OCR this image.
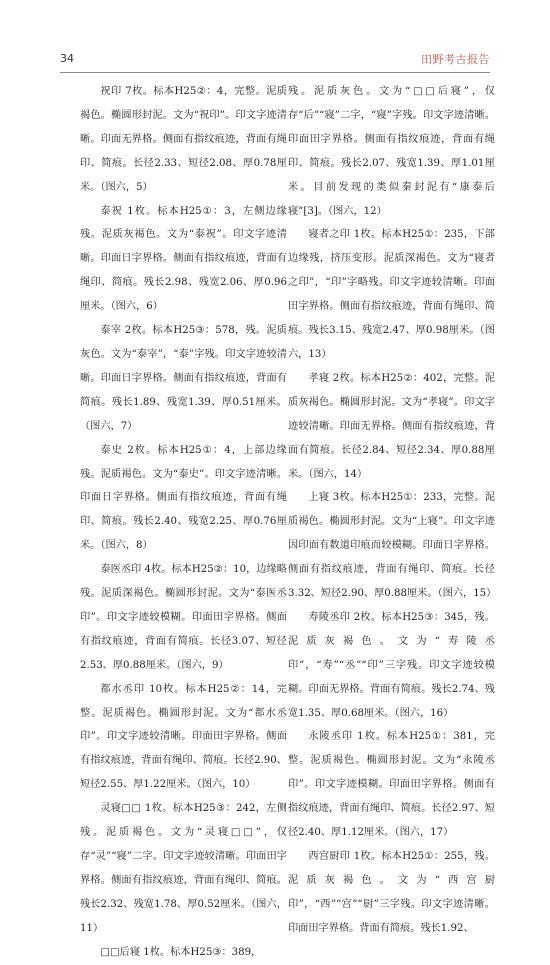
34	田野考古报告

祝印 7枚。标本H25②：4，完整。泥质褐色。椭圆形封泥。文为“祝印”。印文字迹清晰。印面无界格。侧面有指纹痕迹，背面有绳印、简痕。长径2.33、短径2.08、厚0.78厘米。（图六，5）

泰祝 1枚。标本H25①：3，左侧边缘残。泥质灰褐色。文为“泰祝”。印文字迹清晰。印面日字界格。侧面有指纹痕迹，背面有绳印、简痕。残长2.98、残宽2.06、厚0.96厘米。（图六，6）

泰宰 2枚。标本H25③：578，残。泥质灰色。文为“泰宰”，“泰”字残。印文字迹较清晰。印面日字界格。侧面有指纹痕迹，背面有简痕。残长1.89、残宽1.39、厚0.51厘米。（图六，7）

泰史 2枚。标本H25①：4，上部边缘残。泥质褐色。文为“泰史”。印文字迹清晰。印面日字界格。侧面有指纹痕迹，背面有绳印、简痕。残长2.40、残宽2.25、厚0.76厘米。（图六，8）

泰医丞印 4枚。标本H25②：10，边缘略残。泥质深褐色。椭圆形封泥。文为“泰医丞印”。印文字迹较模糊。印面田字界格。侧面有指纹痕迹，背面有简痕。长径3.07、短径2.53、厚0.88厘米。（图六，9）

都水丞印 10枚。标本H25②：14，完整。泥质褐色。椭圆形封泥。文为“都水丞印”。印文字迹较清晰。印面田字界格。侧面有指纹痕迹，背面有绳印、简痕。长径2.90、短径2.55、厚1.22厘米。（图六，10）

灵寝□□ 1枚。标本H25③：242，左侧残。泥质褐色。文为“灵寝□□”，仅存“灵”“寝”二字。印文字迹较清晰。印面田字界格。侧面有指纹痕迹，背面有绳印、简痕。残长2.32、残宽1.78、厚0.52厘米。（图六，11）

□□后寝 1枚。标本H25③：389，

残。泥质灰色。文为“□□后寝”，仅存“后”“寝”二字，“寝”字残。印文字迹清晰。印面田字界格。侧面有指纹痕迹，背面有绳印、简痕。残长2.07、残宽1.39、厚1.01厘米。目前发现的类似秦封泥有“康泰后寝”[3]。（图六，12）

寝者之印 1枚。标本H25①：235，下部边缘残，挤压变形。泥质深褐色。文为“寝者之印”，“印”字略残。印文字迹较清晰。印面田字界格。侧面有指纹痕迹，背面有绳印、简痕。残长3.15、残宽2.47、厚0.98厘米。（图六，13）

孝寝 2枚。标本H25②：402，完整。泥质灰褐色。椭圆形封泥。文为“孝寝”。印文字迹较清晰。印面无界格。侧面有指纹痕迹，背面有简痕。长径2.84、短径2.34、厚0.88厘米。（图六，14）

上寝 3枚。标本H25①：233，完整。泥质褐色。椭圆形封泥。文为“上寝”。印文字迹因印面有数道印痕而较模糊。印面日字界格。侧面有指纹痕迹，背面有绳印、简痕。长径3.32、短径2.90、厚0.88厘米。（图六，15）

寿陵丞印 2枚。标本H25③：345，残。泥质灰褐色。文为“寿陵丞印”，“寿”“丞”“印”三字残。印文字迹较模糊。印面无界格。背面有简痕。残长2.74、残宽1.35、厚0.68厘米。（图六，16）

永陵丞印 1枚。标本H25①：381，完整。泥质褐色。椭圆形封泥。文为“永陵丞印”。印文字迹模糊。印面田字界格。侧面有指纹痕迹，背面有绳印、简痕。长径2.97、短径2.40、厚1.12厘米。（图六，17）

西宫厨印 1枚。标本H25①：255，残。泥质灰褐色。文为“西宫厨印”，“西”“宫”“厨”三字残。印文字迹清晰。印面田字界格。背面有简痕。残长1.92、
